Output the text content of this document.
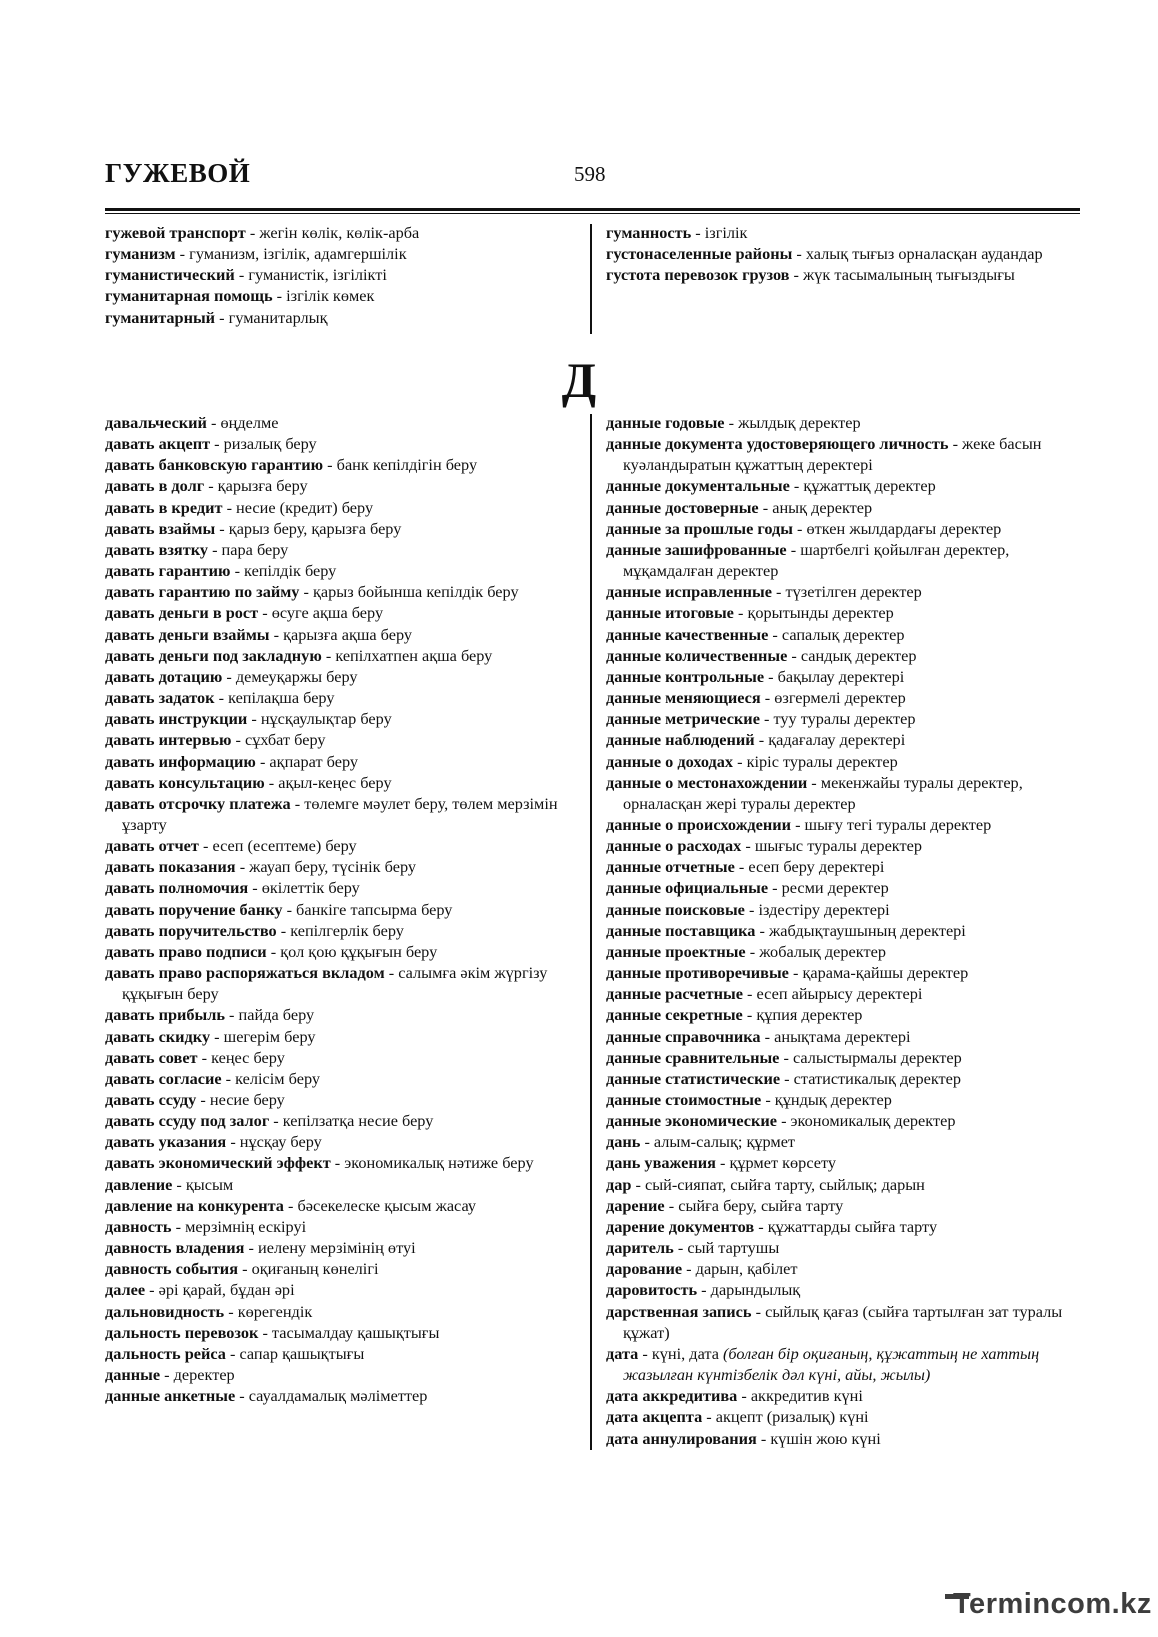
ГУЖЕВОЙ	598

гужевой транспорт - жегін көлік, көлік-арба

гуманизм - гуманизм, ізгілік, адамгершілік

гуманистический - гуманистік, ізгілікті

гуманитарная помощь - ізгілік көмек

гуманитарный - гуманитарлық

гуманность - ізгілік

густонаселенные районы - халық тығыз орналасқан аудандар

густота перевозок грузов - жүк тасымалының тығыздығы

Д

давальческий - өңделме

давать акцепт - ризалық беру

давать банковскую гарантию - банк кепілдігін беру

давать в долг - қарызға беру

давать в кредит - несие (кредит) беру

давать взаймы - қарыз беру, қарызға беру

давать взятку - пара беру

давать гарантию - кепілдік беру

давать гарантию по займу - қарыз бойынша кепілдік беру

давать деньги в рост - өсуге ақша беру

давать деньги взаймы - қарызға ақша беру

давать деньги под закладную - кепілхатпен ақша беру

давать дотацию - демеуқаржы беру

давать задаток - кепілақша беру

давать инструкции - нұсқаулықтар беру

давать интервью - сұхбат беру

давать информацию - ақпарат беру

давать консультацию - ақыл-кеңес беру

давать отсрочку платежа - төлемге мәулет беру, төлем мерзімін ұзарту

давать отчет - есеп (есептеме) беру

давать показания - жауап беру, түсінік беру

давать полномочия - өкілеттік беру

давать поручение банку - банкіге тапсырма беру

давать поручительство - кепілгерлік беру

давать право подписи - қол қою құқығын беру

давать право распоряжаться вкладом - салымға әкім жүргізу құқығын беру

давать прибыль - пайда беру

давать скидку - шегерім беру

давать совет - кеңес беру

давать согласие - келісім беру

давать ссуду - несие беру

давать ссуду под залог - кепілзатқа несие беру

давать указания - нұсқау беру

давать экономический эффект - экономикалық нәтиже беру

давление - қысым

давление на конкурента - бәсекелеске қысым жасау

давность - мерзімнің ескіруі

давность владения - иелену мерзімінің өтуі

давность события - оқиғаның көнелігі

далее - әрі қарай, бұдан әрі

дальновидность - көрегендік

дальность перевозок - тасымалдау қашықтығы

дальность рейса - сапар қашықтығы

данные - деректер

данные анкетные - сауалдамалық мәліметтер

данные годовые - жылдық деректер

данные документа удостоверяющего личность - жеке басын куәландыратын құжаттың деректері

данные документальные - құжаттық деректер

данные достоверные - анық деректер

данные за прошлые годы - өткен жылдардағы деректер

данные зашифрованные - шартбелгі қойылған деректер, мұқамдалған деректер

данные исправленные - түзетілген деректер

данные итоговые - қорытынды деректер

данные качественные - сапалық деректер

данные количественные - сандық деректер

данные контрольные - бақылау деректері

данные меняющиеся - өзгермелі деректер

данные метрические - туу туралы деректер

данные наблюдений - қадағалау деректері

данные о доходах - кіріс туралы деректер

данные о местонахождении - мекенжайы туралы деректер, орналасқан жері туралы деректер

данные о происхождении - шығу тегі туралы деректер

данные о расходах - шығыс туралы деректер

данные отчетные - есеп беру деректері

данные официальные - ресми деректер

данные поисковые - іздестіру деректері

данные поставщика - жабдықтаушының деректері

данные проектные - жобалық деректер

данные противоречивые - қарама-қайшы деректер

данные расчетные - есеп айырысу деректері

данные секретные - құпия деректер

данные справочника - анықтама деректері

данные сравнительные - салыстырмалы деректер

данные статистические - статистикалық деректер

данные стоимостные - құндық деректер

данные экономические - экономикалық деректер

дань - алым-салық; құрмет

дань уважения - құрмет көрсету

дар - сый-сияпат, сыйға тарту, сыйлық; дарын

дарение - сыйға беру, сыйға тарту

дарение документов - құжаттарды сыйға тарту

даритель - сый тартушы

дарование - дарын, қабілет

даровитость - дарындылық

дарственная запись - сыйлық қағаз (сыйға тартылған зат туралы құжат)

дата - күні, дата (болған бір оқиғаның, құжаттың не хаттың жазылған күнтізбелік дәл күні, айы, жылы)

дата аккредитива - аккредитив күні

дата акцепта - акцепт (ризалық) күні

дата аннулирования - күшін жою күні

Termincom.kz
